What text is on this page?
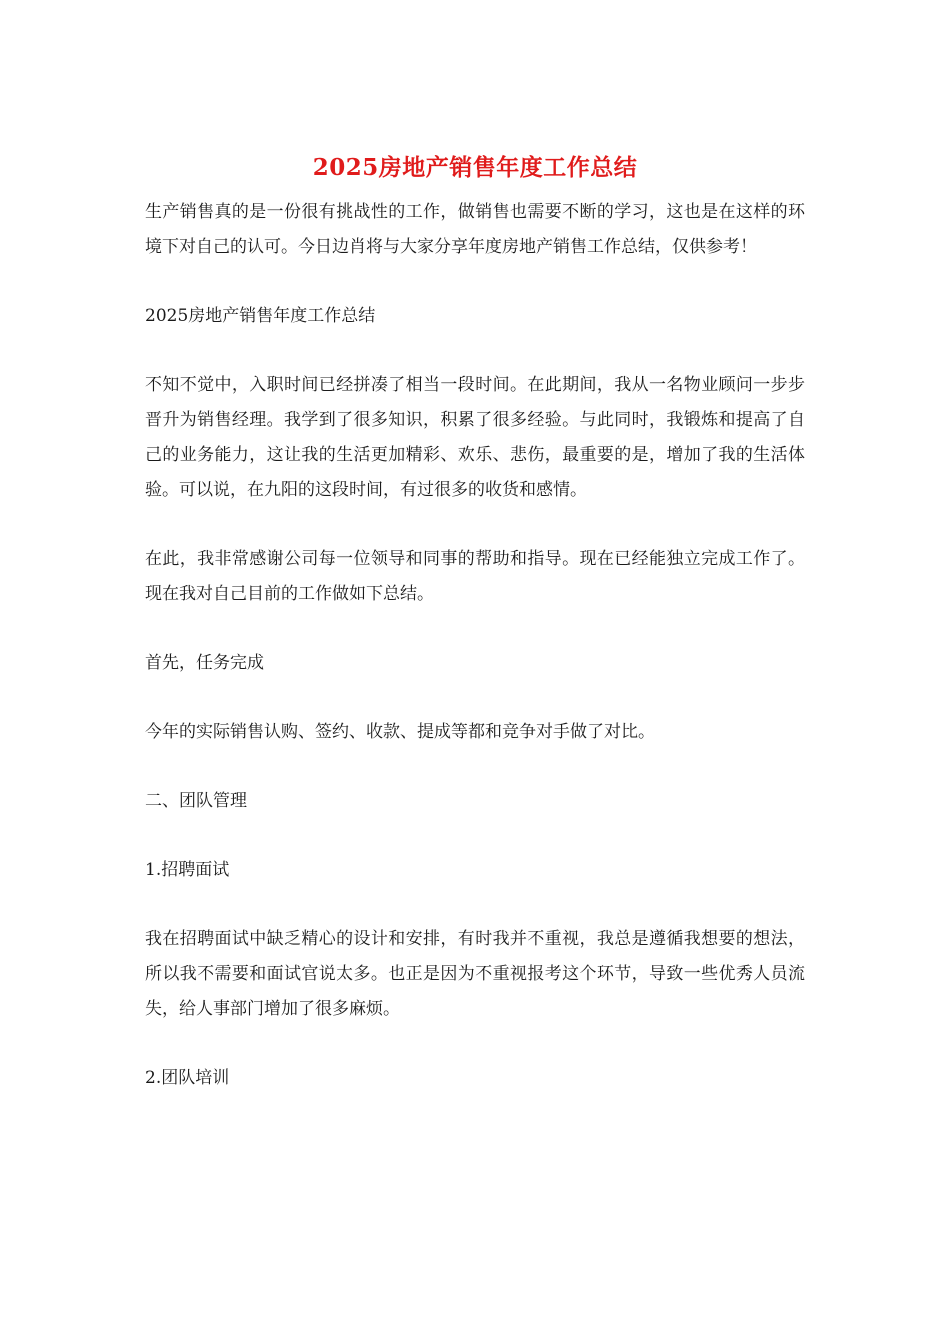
2025房地产销售年度工作总结

生产销售真的是一份很有挑战性的工作，做销售也需要不断的学习，这也是在这样的环境下对自己的认可。今日边肖将与大家分享年度房地产销售工作总结，仅供参考！

2025房地产销售年度工作总结

不知不觉中，入职时间已经拼凑了相当一段时间。在此期间，我从一名物业顾问一步步晋升为销售经理。我学到了很多知识，积累了很多经验。与此同时，我锻炼和提高了自己的业务能力，这让我的生活更加精彩、欢乐、悲伤，最重要的是，增加了我的生活体验。可以说，在九阳的这段时间，有过很多的收货和感情。

在此，我非常感谢公司每一位领导和同事的帮助和指导。现在已经能独立完成工作了。现在我对自己目前的工作做如下总结。

首先，任务完成

今年的实际销售认购、签约、收款、提成等都和竞争对手做了对比。

二、团队管理

1.招聘面试

我在招聘面试中缺乏精心的设计和安排，有时我并不重视，我总是遵循我想要的想法，所以我不需要和面试官说太多。也正是因为不重视报考这个环节，导致一些优秀人员流失，给人事部门增加了很多麻烦。

2.团队培训
